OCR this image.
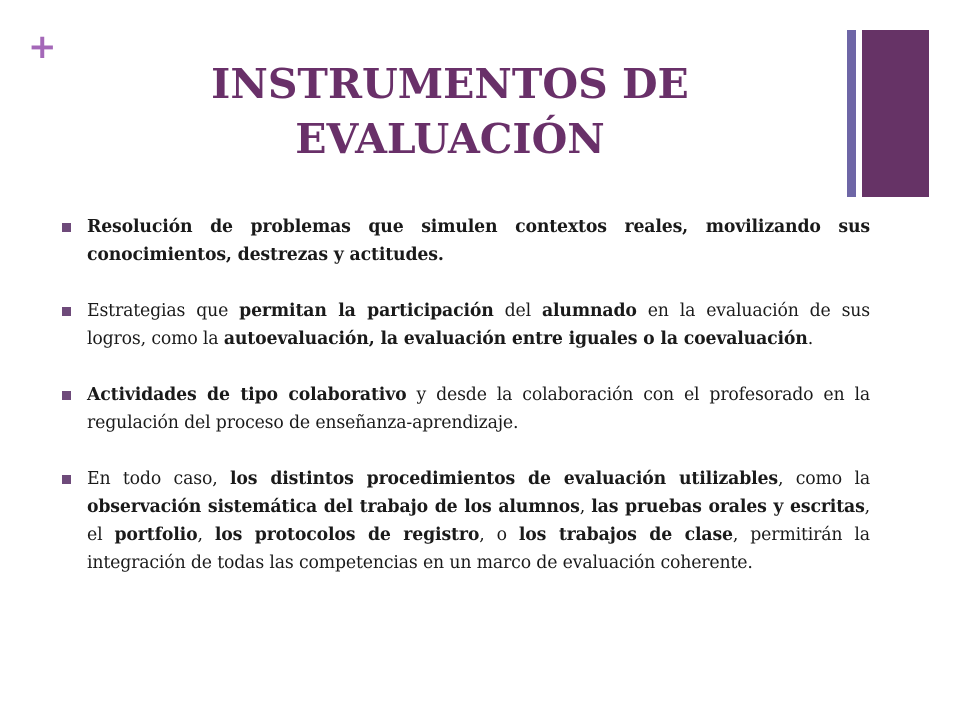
+
INSTRUMENTOS DE
EVALUACIÓN
Resolución de problemas que simulen contextos reales, movilizando sus conocimientos, destrezas y actitudes.
Estrategias que permitan la participación del alumnado en la evaluación de sus logros, como la autoevaluación, la evaluación entre iguales o la coevaluación.
Actividades de tipo colaborativo y desde la colaboración con el profesorado en la regulación del proceso de enseñanza-aprendizaje.
En todo caso, los distintos procedimientos de evaluación utilizables, como la observación sistemática del trabajo de los alumnos, las pruebas orales y escritas, el portfolio, los protocolos de registro, o los trabajos de clase, permitirán la integración de todas las competencias en un marco de evaluación coherente.
